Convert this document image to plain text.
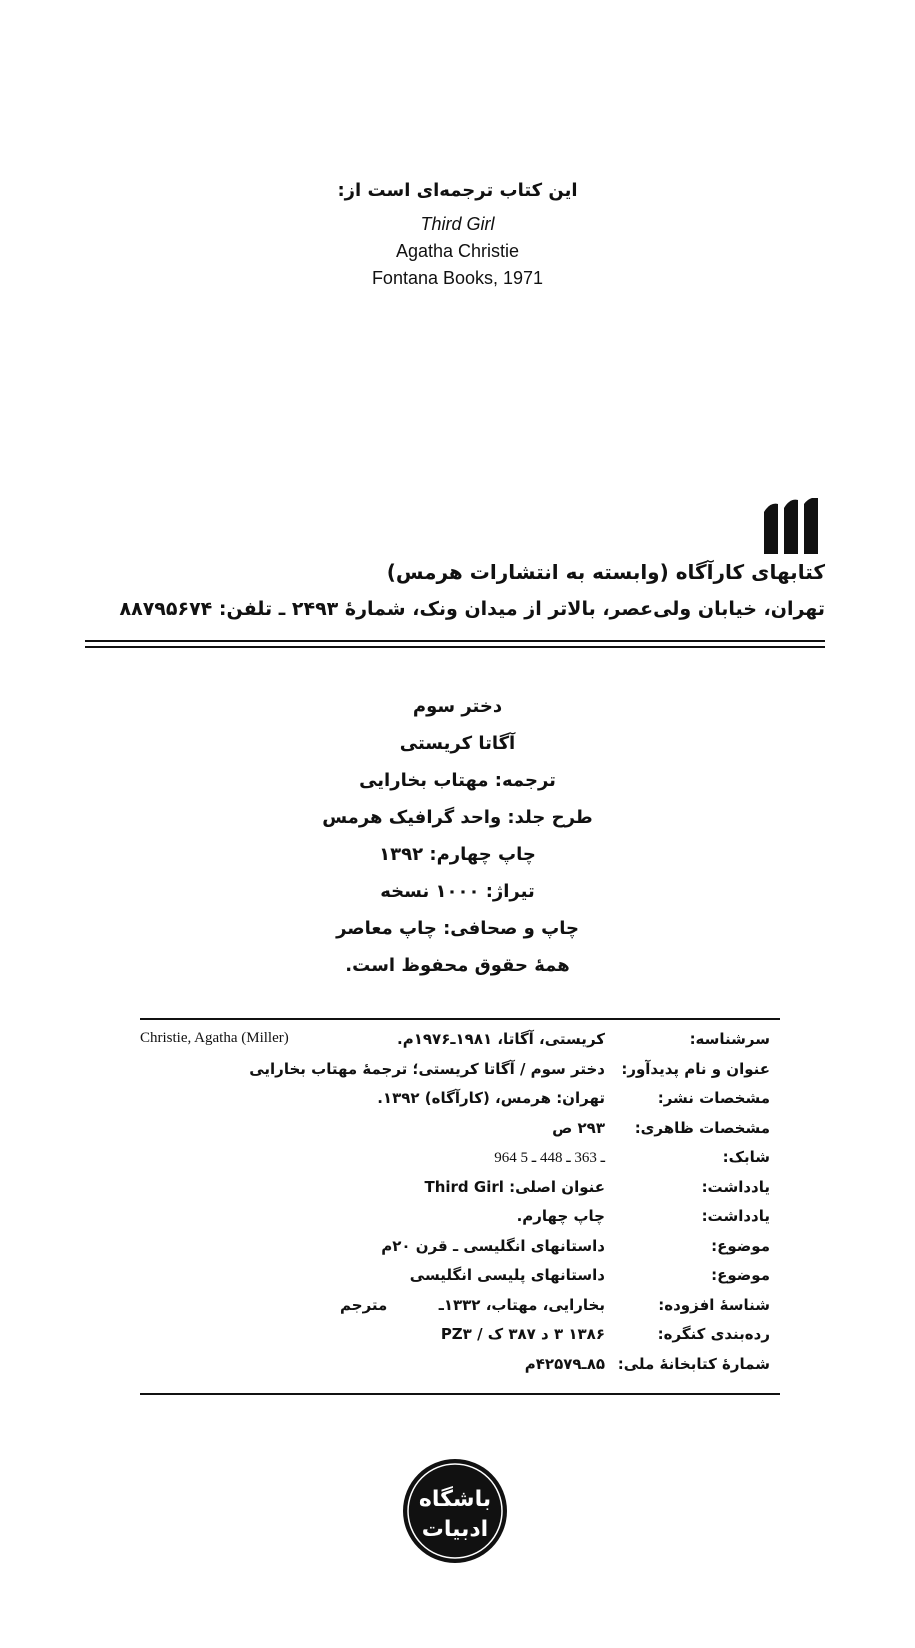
این کتاب ترجمه‌ای است از:
Third Girl
Agatha Christie
Fontana Books, 1971
کتابهای کارآگاه (وابسته به انتشارات هرمس)
تهران، خیابان ولی‌عصر، بالاتر از میدان ونک، شمارهٔ ۲۴۹۳ ـ تلفن: ۸۸۷۹۵۶۷۴
دختر سوم
آگاتا کریستی
ترجمه: مهتاب بخارایی
طرح جلد: واحد گرافیک هرمس
چاپ چهارم: ۱۳۹۲
تیراژ: ۱۰۰۰ نسخه
چاپ و صحافی: چاپ معاصر
همهٔ حقوق محفوظ است.
سرشناسه:
کریستی، آگاتا، ۱۹۸۱ـ۱۹۷۶م.
Christie, Agatha (Miller)
عنوان و نام پدیدآور:
دختر سوم / آگاتا کریستی؛ ترجمهٔ مهتاب بخارایی
مشخصات نشر:
تهران: هرمس، (کارآگاه) ۱۳۹۲.
مشخصات ظاهری:
۲۹۳ ص
شابک:
964 ـ 363 ـ 448 ـ 5
یادداشت:
عنوان اصلی: Third Girl
یادداشت:
چاپ چهارم.
موضوع:
داستانهای انگلیسی ـ قرن ۲۰م
موضوع:
داستانهای پلیسی انگلیسی
شناسهٔ افزوده:
بخارایی، مهتاب، ۱۳۳۲ـ
مترجم
رده‌بندی کنگره:
۱۳۸۶ ۳ د ۳۸۷ ک / PZ۳
شمارهٔ کتابخانهٔ ملی:
۸۵ـ۴۲۵۷۹م
باشگاه
ادبیات
